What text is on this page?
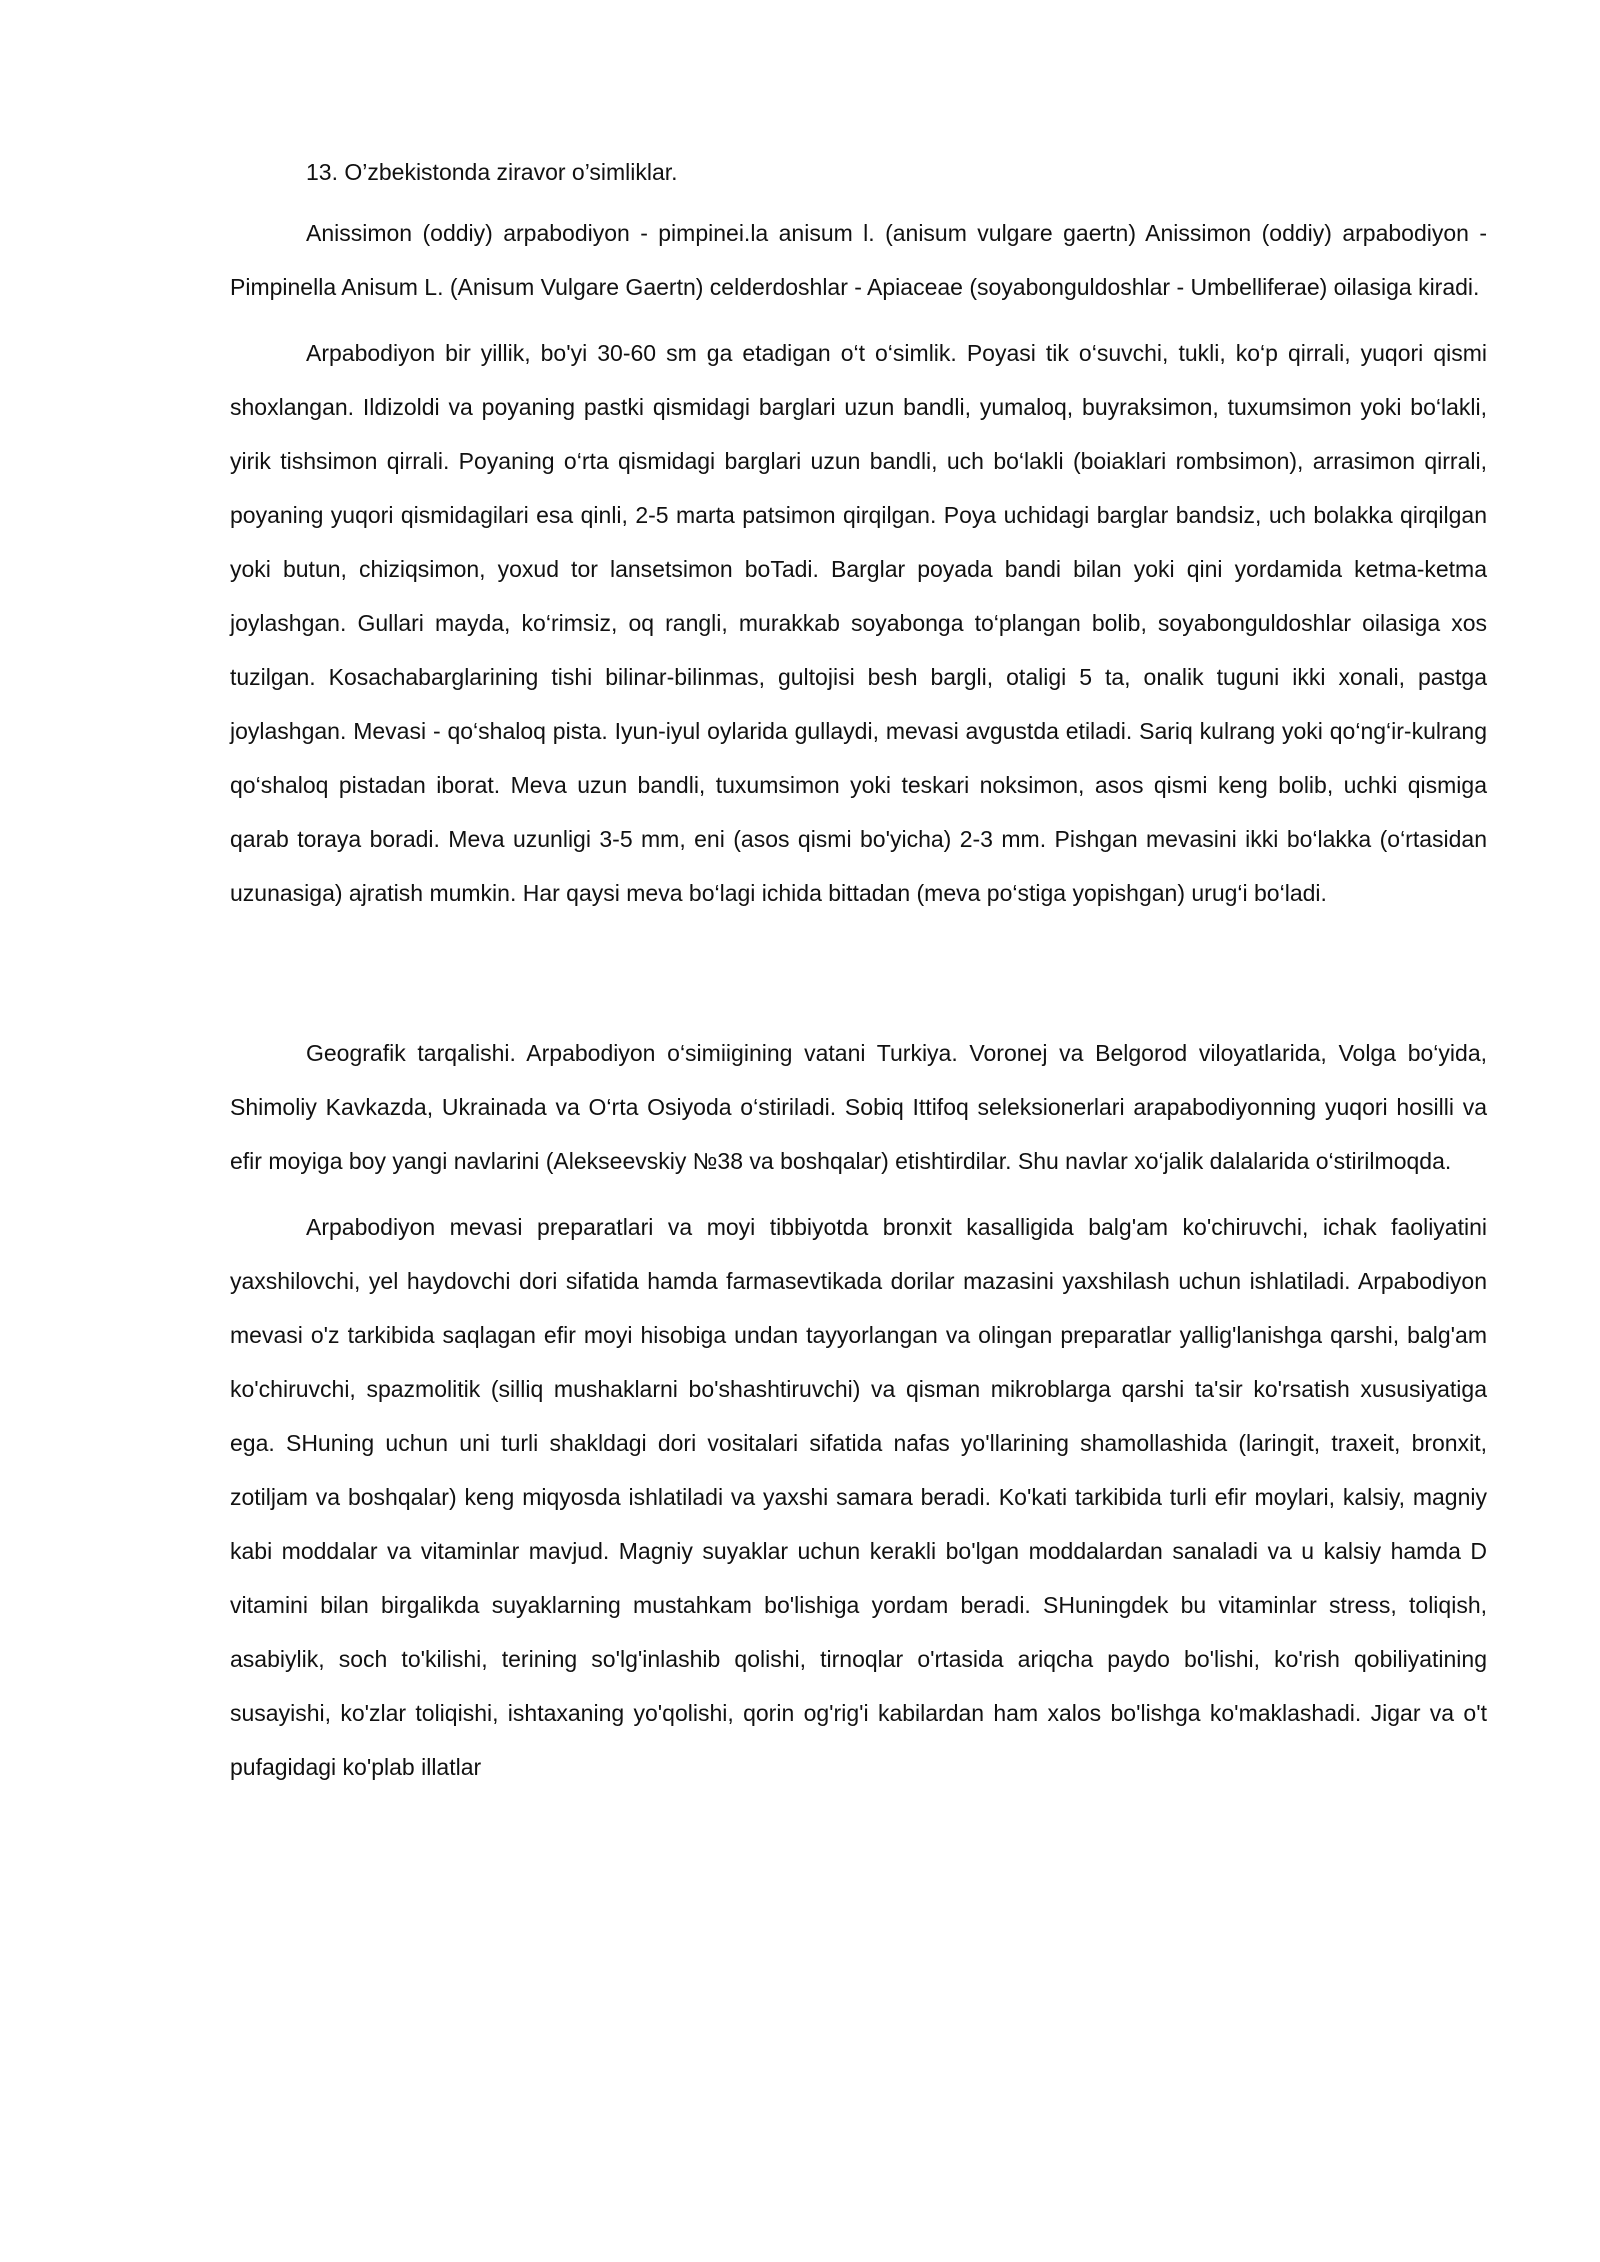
13. O’zbekistonda ziravor o’simliklar.

Anissimon (oddiy) arpabodiyon - pimpinei.la anisum l. (anisum vulgare gaertn) Anissimon (oddiy) arpabodiyon - Pimpinella Anisum L. (Anisum Vulgare Gaertn) celderdoshlar - Apiaceae (soyabonguldoshlar - Umbelliferae) oilasiga kiradi.

Arpabodiyon bir yillik, bo'yi 30-60 sm ga etadigan o‘t o‘simlik. Poyasi tik o‘suvchi, tukli, ko‘p qirrali, yuqori qismi shoxlangan. Ildizoldi va poyaning pastki qismidagi barglari uzun bandli, yumaloq, buyraksimon, tuxumsimon yoki bo‘lakli, yirik tishsimon qirrali. Poyaning o‘rta qismidagi barglari uzun bandli, uch bo‘lakli (boiaklari rombsimon), arrasimon qirrali, poyaning yuqori qismidagilari esa qinli, 2-5 marta patsimon qirqilgan. Poya uchidagi barglar bandsiz, uch bolakka qirqilgan yoki butun, chiziqsimon, yoxud tor lansetsimon boTadi. Barglar poyada bandi bilan yoki qini yordamida ketma-ketma joylashgan. Gullari mayda, ko‘rimsiz, oq rangli, murakkab soyabonga to‘plangan bolib, soyabonguldoshlar oilasiga xos tuzilgan. Kosachabarglarining tishi bilinar-bilinmas, gultojisi besh bargli, otaligi 5 ta, onalik tuguni ikki xonali, pastga joylashgan. Mevasi - qo‘shaloq pista. Iyun-iyul oylarida gullaydi, mevasi avgustda etiladi. Sariq kulrang yoki qo‘ng‘ir-kulrang qo‘shaloq pistadan iborat. Meva uzun bandli, tuxumsimon yoki teskari noksimon, asos qismi keng bolib, uchki qismiga qarab toraya boradi. Meva uzunligi 3-5 mm, eni (asos qismi bo'yicha) 2-3 mm. Pishgan mevasini ikki bo‘lakka (o‘rtasidan uzunasiga) ajratish mumkin. Har qaysi meva bo‘lagi ichida bittadan (meva po‘stiga yopishgan) urug‘i bo‘ladi.

Geografik tarqalishi. Arpabodiyon o‘simiigining vatani Turkiya. Voronej va Belgorod viloyatlarida, Volga bo‘yida, Shimoliy Kavkazda, Ukrainada va O‘rta Osiyoda o‘stiriladi. Sobiq Ittifoq seleksionerlari arapabodiyonning yuqori hosilli va efir moyiga boy yangi navlarini (Alekseevskiy №38 va boshqalar) etishtirdilar. Shu navlar xo‘jalik dalalarida o‘stirilmoqda.

Arpabodiyon mevasi preparatlari va moyi tibbiyotda bronxit kasalligida balg'am ko'chiruvchi, ichak faoliyatini yaxshilovchi, yel haydovchi dori sifatida hamda farmasevtikada dorilar mazasini yaxshilash uchun ishlatiladi. Arpabodiyon mevasi o'z tarkibida saqlagan efir moyi hisobiga undan tayyorlangan va olingan preparatlar yallig'lanishga qarshi, balg'am ko'chiruvchi, spazmolitik (silliq mushaklarni bo'shashtiruvchi) va qisman mikroblarga qarshi ta'sir ko'rsatish xususiyatiga ega. SHuning uchun uni turli shakldagi dori vositalari sifatida nafas yo'llarining shamollashida (laringit, traxeit, bronxit, zotiljam va boshqalar) keng miqyosda ishlatiladi va yaxshi samara beradi. Ko'kati tarkibida turli efir moylari, kalsiy, magniy kabi moddalar va vitaminlar mavjud. Magniy suyaklar uchun kerakli bo'lgan moddalardan sanaladi va u kalsiy hamda D vitamini bilan birgalikda suyaklarning mustahkam bo'lishiga yordam beradi. SHuningdek bu vitaminlar stress, toliqish, asabiylik, soch to'kilishi, terining so'lg'inlashib qolishi, tirnoqlar o'rtasida ariqcha paydo bo'lishi, ko'rish qobiliyatining susayishi, ko'zlar toliqishi, ishtaxaning yo'qolishi, qorin og'rig'i kabilardan ham xalos bo'lishga ko'maklashadi. Jigar va o't pufagidagi ko'plab illatlar
